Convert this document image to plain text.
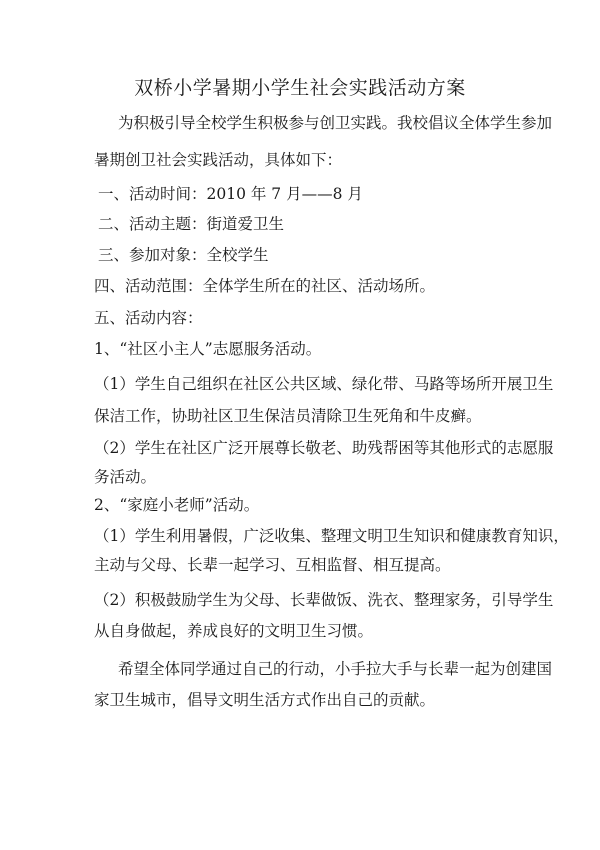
双桥小学暑期小学生社会实践活动方案
为积极引导全校学生积极参与创卫实践。我校倡议全体学生参加
暑期创卫社会实践活动，具体如下：
一、活动时间：2010 年 7 月——8 月
二、活动主题：街道爱卫生
三、参加对象：全校学生
四、活动范围：全体学生所在的社区、活动场所。
五、活动内容：
1、“社区小主人”志愿服务活动。
（1）学生自己组织在社区公共区域、绿化带、马路等场所开展卫生
保洁工作，协助社区卫生保洁员清除卫生死角和牛皮癣。
（2）学生在社区广泛开展尊长敬老、助残帮困等其他形式的志愿服
务活动。
2、“家庭小老师”活动。
（1）学生利用暑假，广泛收集、整理文明卫生知识和健康教育知识，
主动与父母、长辈一起学习、互相监督、相互提高。
（2）积极鼓励学生为父母、长辈做饭、洗衣、整理家务，引导学生
从自身做起，养成良好的文明卫生习惯。
希望全体同学通过自己的行动，小手拉大手与长辈一起为创建国
家卫生城市，倡导文明生活方式作出自己的贡献。
